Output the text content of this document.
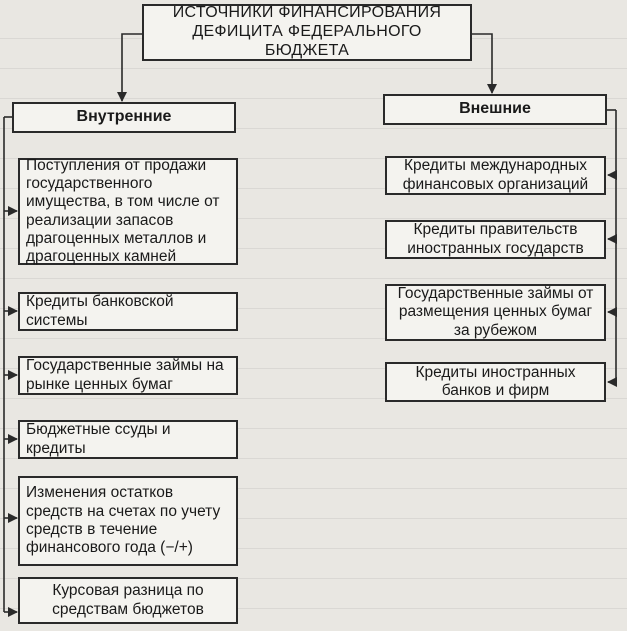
ИСТОЧНИКИ ФИНАНСИРОВАНИЯ ДЕФИЦИТА ФЕДЕРАЛЬНОГО БЮДЖЕТА
Внутренние	Внешние
Поступления от продажи государственного имущества, в том числе от реализации запасов драгоценных металлов и драгоценных камней
Кредиты банковской системы
Государственные займы на рынке ценных бумаг
Бюджетные ссуды и кредиты
Изменения остатков средств на счетах по учету средств в течение финансового года (−/+)
Курсовая разница по средствам бюджетов
Кредиты международных финансовых организаций
Кредиты правительств иностранных государств
Государственные займы от размещения ценных бумаг за рубежом
Кредиты иностранных банков и фирм
